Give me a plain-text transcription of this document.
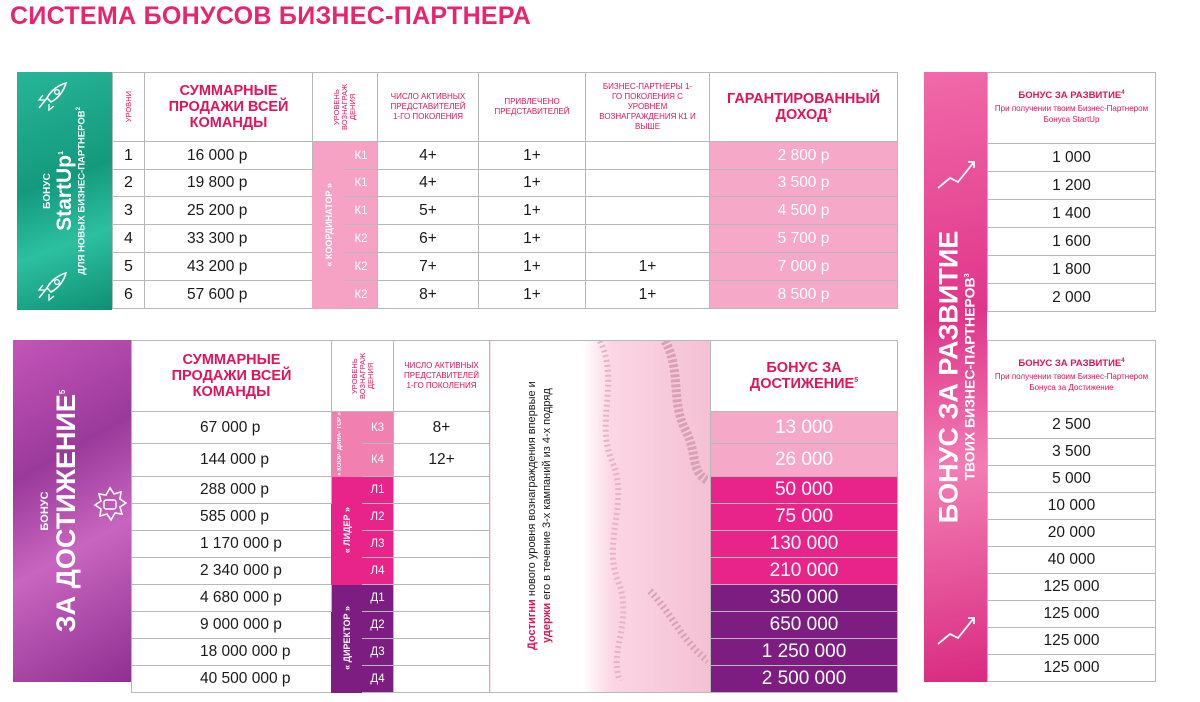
СИСТЕМА БОНУСОВ БИЗНЕС-ПАРТНЕРА
БОНУС StartUp$^1$	ДЛЯ НОВЫХ БИЗНЕС-ПАРТНЕРОВ$^2$	УРОВНИ	СУММАРНЫЕ ПРОДАЖИ ВСЕЙ КОМАНДЫ	УРОВЕНЬ
ВОЗНАГРАЖ
ДЕНИЯ		ЧИСЛО АКТИВНЫХ ПРЕДСТАВИТЕЛЕЙ 1-ГО ПОКОЛЕНИЯ	ПРИВЛЕЧЕНО ПРЕДСТАВИТЕЛЕЙ	БИЗНЕС-ПАРТНЕРЫ 1-ГО ПОКОЛЕНИЯ С УРОВНЕМ ВОЗНАГРАЖДЕНИЯ К1 И ВЫШЕ	ГАРАНТИРОВАННЫЙ ДОХОД$^3$

1	16 000 р	« КООРДИНАТОР »	К1	4+	1+		2 800 р
2	19 800 р		К1	4+	1+		3 500 р
3	25 200 р		К1	5+	1+		4 500 р
4	33 300 р		К2	6+	1+		5 700 р
5	43 200 р		К2	7+	1+	1+	7 000 р
6	57 600 р		К2	8+	1+	1+	8 500 р
БОНУС ЗА ДОСТИЖЕНИЕ$^5$
СУММАРНЫЕ ПРОДАЖИ ВСЕЙ КОМАНДЫ	УРОВЕНЬ
ВОЗНАГРАЖ
ДЕНИЯ		ЧИСЛО АКТИВНЫХ ПРЕДСТАВИТЕЛЕЙ 1-ГО ПОКОЛЕНИЯ	Достигни нового уровня вознаграждения впервые и удержи его в течение 3-х кампаний из 4-х подряд	БОНУС ЗА ДОСТИЖЕНИЕ$^5$

67 000 р	« КООР- ДИНА- ТОР »	К3	8+		13 000
144 000 р		К4	12+		26 000
288 000 р	« ЛИДЕР »	Л1			50 000
585 000 р		Л2			75 000
1 170 000 р		Л3			130 000
2 340 000 р		Л4			210 000
4 680 000 р	« ДИРЕКТОР »	Д1			350 000
9 000 000 р		Д2			650 000
18 000 000 р		Д3			1 250 000
40 500 000 р		Д4			2 500 000
БОНУС ЗА РАЗВИТИЕ
ТВОИХ БИЗНЕС-ПАРТНЕРОВ$^3$
БОНУС ЗА РАЗВИТИЕ$^4$
При получении твоим Бизнес-Партнером Бонуса StartUp

1 000
1 200
1 400
1 600
1 800
2 000
БОНУС ЗА РАЗВИТИЕ$^4$
При получении твоим Бизнес-Партнером Бонуса за Достижение

2 500
3 500
5 000
10 000
20 000
40 000
125 000
125 000
125 000
125 000
